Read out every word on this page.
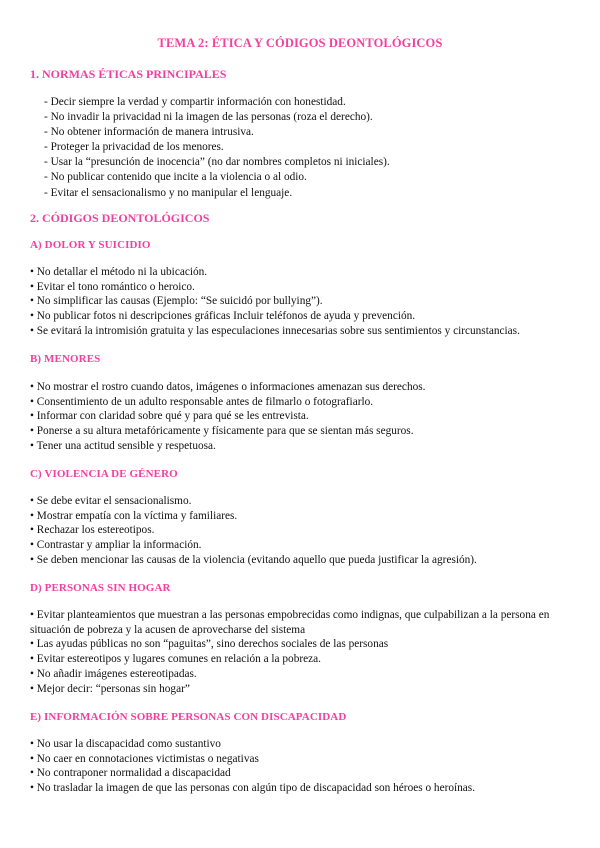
TEMA 2: ÉTICA Y CÓDIGOS DEONTOLÓGICOS
1. NORMAS ÉTICAS PRINCIPALES
- Decir siempre la verdad y compartir información con honestidad.
- No invadir la privacidad ni la imagen de las personas (roza el derecho).
- No obtener información de manera intrusiva.
- Proteger la privacidad de los menores.
- Usar la “presunción de inocencia” (no dar nombres completos ni iniciales).
- No publicar contenido que incite a la violencia o al odio.
- Evitar el sensacionalismo y no manipular el lenguaje.
2. CÓDIGOS DEONTOLÓGICOS
A) DOLOR Y SUICIDIO
• No detallar el método ni la ubicación.
• Evitar el tono romántico o heroico.
• No simplificar las causas (Ejemplo: “Se suicidó por bullying”).
• No publicar fotos ni descripciones gráficas Incluir teléfonos de ayuda y prevención.
• Se evitará la intromisión gratuita y las especulaciones innecesarias sobre sus sentimientos y circunstancias.
B) MENORES
• No mostrar el rostro cuando datos, imágenes o informaciones amenazan sus derechos.
• Consentimiento de un adulto responsable antes de filmarlo o fotografiarlo.
• Informar con claridad sobre qué y para qué se les entrevista.
• Ponerse a su altura metafóricamente y físicamente para que se sientan más seguros.
• Tener una actitud sensible y respetuosa.
C) VIOLENCIA DE GÉNERO
• Se debe evitar el sensacionalismo.
• Mostrar empatía con la víctima y familiares.
• Rechazar los estereotipos.
• Contrastar y ampliar la información.
• Se deben mencionar las causas de la violencia (evitando aquello que pueda justificar la agresión).
D) PERSONAS SIN HOGAR
• Evitar planteamientos que muestran a las personas empobrecidas como indignas, que culpabilizan a la persona en situación de pobreza y la acusen de aprovecharse del sistema
• Las ayudas públicas no son “paguitas”, sino derechos sociales de las personas
• Evitar estereotipos y lugares comunes en relación a la pobreza.
• No añadir imágenes estereotipadas.
• Mejor decir: “personas sin hogar”
E) INFORMACIÓN SOBRE PERSONAS CON DISCAPACIDAD
• No usar la discapacidad como sustantivo
• No caer en connotaciones victimistas o negativas
• No contraponer normalidad a discapacidad
• No trasladar la imagen de que las personas con algún tipo de discapacidad son héroes o heroínas.
